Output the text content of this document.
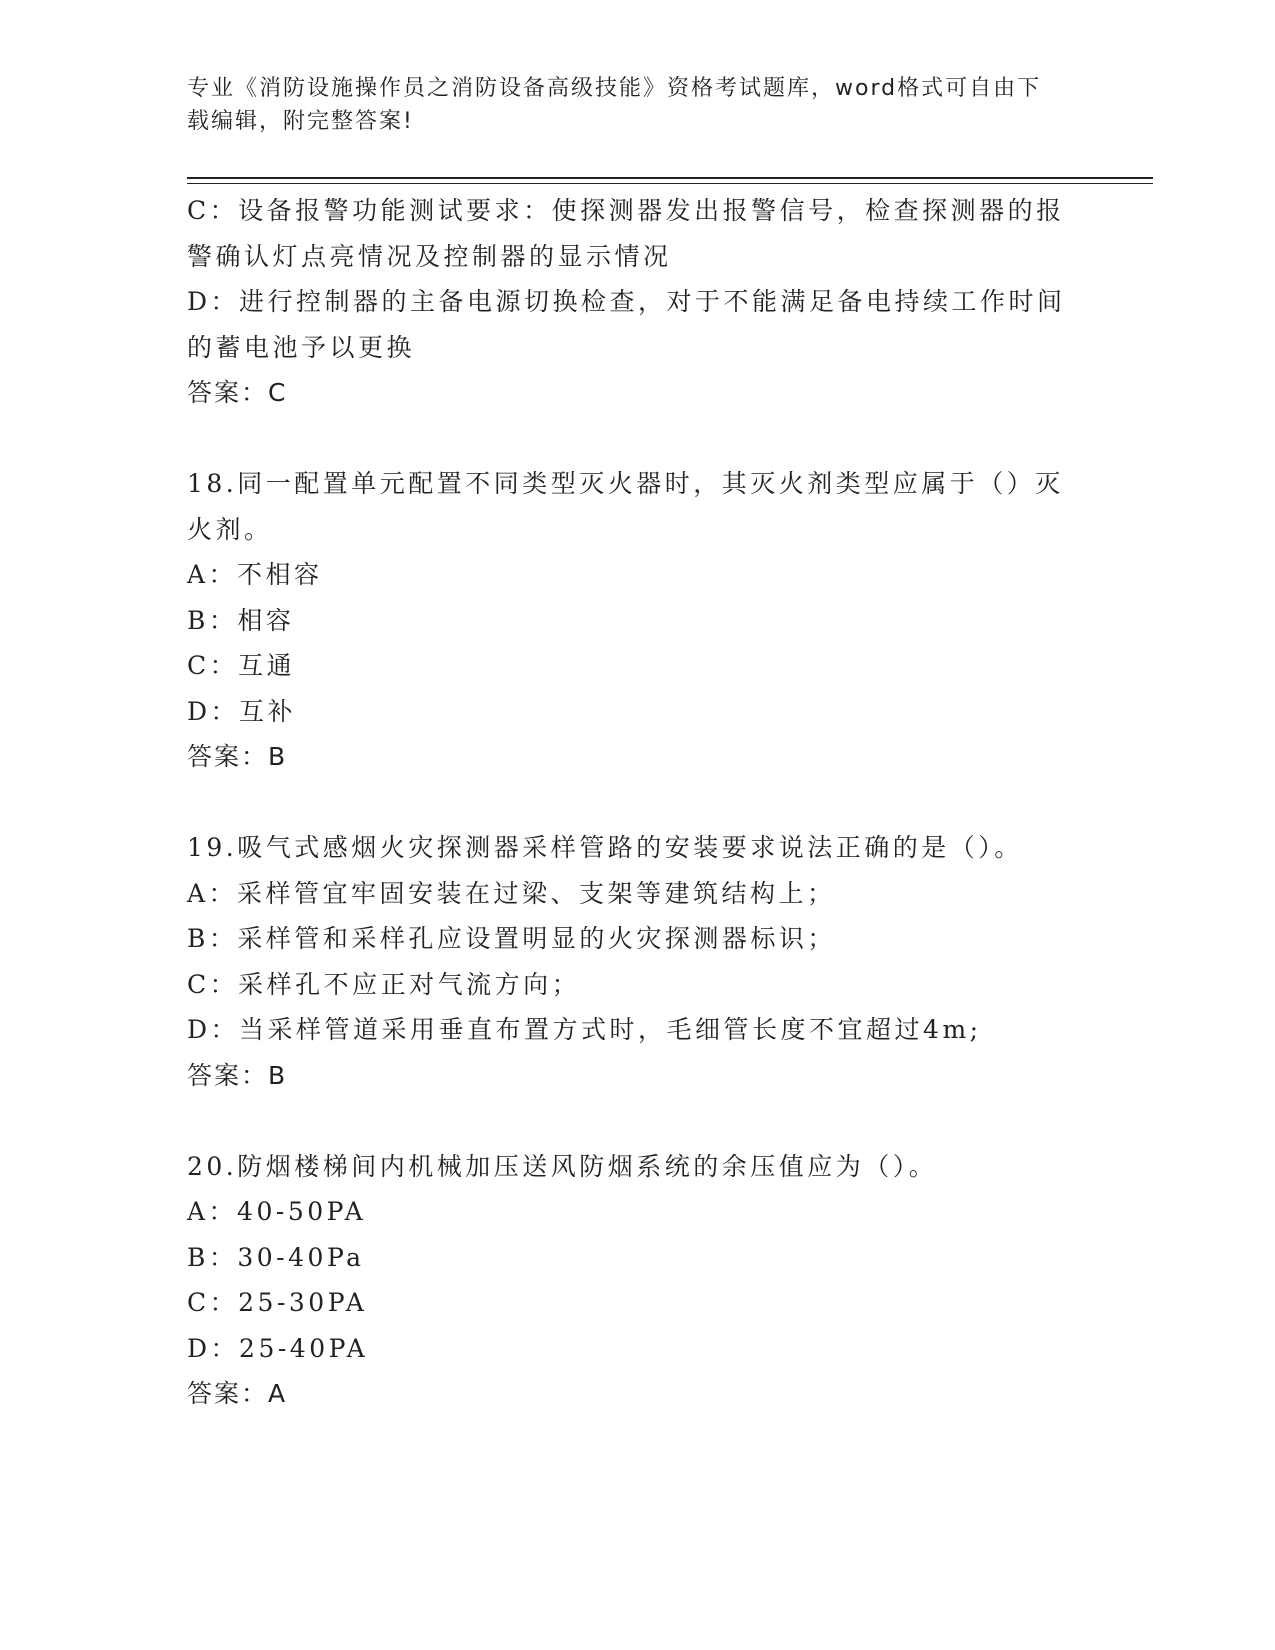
专业《消防设施操作员之消防设备高级技能》资格考试题库，word格式可自由下
载编辑，附完整答案!
C：设备报警功能测试要求：使探测器发出报警信号，检查探测器的报
警确认灯点亮情况及控制器的显示情况
D：进行控制器的主备电源切换检查，对于不能满足备电持续工作时间
的蓄电池予以更换
答案：C
18.同一配置单元配置不同类型灭火器时，其灭火剂类型应属于（）灭
火剂。
A：不相容
B：相容
C：互通
D：互补
答案：B
19.吸气式感烟火灾探测器采样管路的安装要求说法正确的是（）。
A：采样管宜牢固安装在过梁、支架等建筑结构上；
B：采样管和采样孔应设置明显的火灾探测器标识；
C：采样孔不应正对气流方向；
D：当采样管道采用垂直布置方式时，毛细管长度不宜超过4m;
答案：B
20.防烟楼梯间内机械加压送风防烟系统的余压值应为（）。
A：40-50PA
B：30-40Pa
C：25-30PA
D：25-40PA
答案：A
